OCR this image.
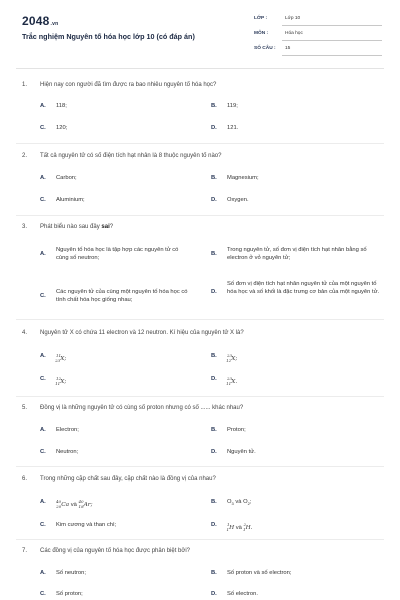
2048.vn
Trắc nghiệm Nguyên tố hóa học lớp 10 (có đáp án)
LỚP :	Lớp 10
MÔN :	Hóa học
SỐ CÂU : 15
1. Hiện nay con người đã tìm được ra bao nhiêu nguyên tố hóa học?
A. 118;	B. 119;
C. 120;	D. 121.
2. Tất cả nguyên tử có số điện tích hạt nhân là 8 thuộc nguyên tố nào?
A. Carbon;	B. Magnesium;
C. Aluminium;	D. Oxygen.
3. Phát biểu nào sau đây sai?
A.
Nguyên tố hóa học là tập hợp các nguyên tử có cùng số neutron;
B.
Trong nguyên tử, số đơn vị điện tích hạt nhân bằng số electron ở vỏ nguyên tử;
C.
Các nguyên tử của cùng một nguyên tố hóa học có tính chất hóa học giống nhau;
D.
Số đơn vị điện tích hạt nhân nguyên tử của một nguyên tố hóa học và số khối là đặc trưng cơ bản của một nguyên tử.
4. Nguyên tử X có chứa 11 electron và 12 neutron. Kí hiệu của nguyên tử X là?
A.	$^{11}_{23}$X;	B.	$^{23}_{12}$X;
C.	$^{12}_{11}$X;	D.	$^{23}_{11}$X.
5. Đồng vị là những nguyên tử có cùng số proton nhưng có số ...... khác nhau?
A. Electron;	B. Proton;
C. Neutron;	D. Nguyên tử.
6. Trong những cặp chất sau đây, cặp chất nào là đồng vị của nhau?
A.	$^{40}_{20}$Ca và $^{40}_{18}$Ar;	B. $O_3$ và $O_2$;
C. Kim cương và than chì;	D.	$^1_1$H và $^2_1$H.
7. Các đồng vị của nguyên tố hóa học được phân biệt bởi?
A. Số neutron;	B. Số proton và số electron;
C. Số proton;	D. Số electron.
